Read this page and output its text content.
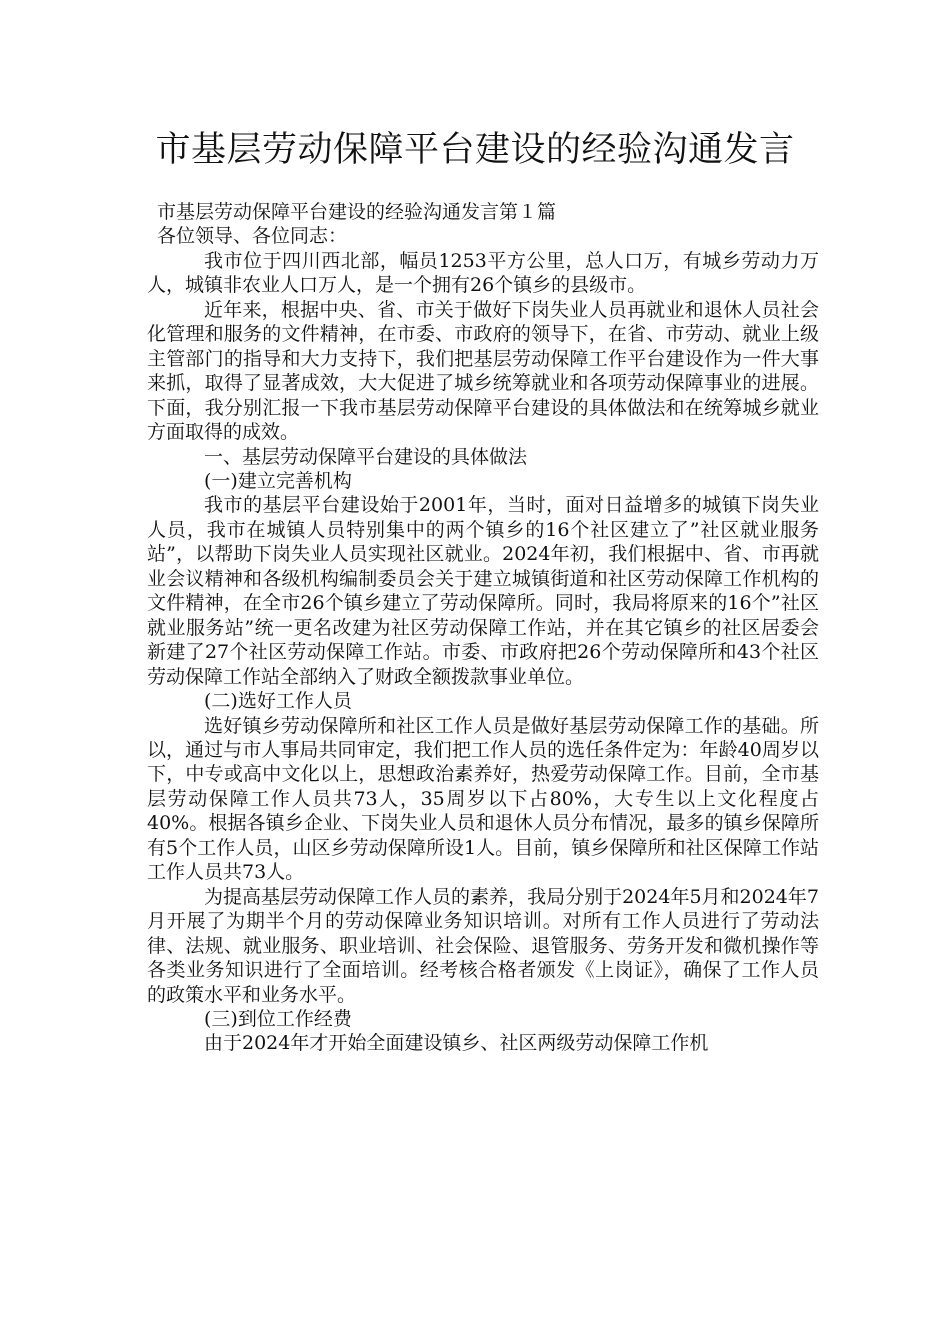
市基层劳动保障平台建设的经验沟通发言

市基层劳动保障平台建设的经验沟通发言第１篇

各位领导、各位同志：

我市位于四川西北部，幅员1253平方公里，总人口万，有城乡劳动力万人，城镇非农业人口万人，是一个拥有26个镇乡的县级市。

近年来，根据中央、省、市关于做好下岗失业人员再就业和退休人员社会化管理和服务的文件精神，在市委、市政府的领导下，在省、市劳动、就业上级主管部门的指导和大力支持下，我们把基层劳动保障工作平台建设作为一件大事来抓，取得了显著成效，大大促进了城乡统筹就业和各项劳动保障事业的进展。下面，我分别汇报一下我市基层劳动保障平台建设的具体做法和在统筹城乡就业方面取得的成效。

一、基层劳动保障平台建设的具体做法

(一)建立完善机构

我市的基层平台建设始于2001年，当时，面对日益增多的城镇下岗失业人员，我市在城镇人员特别集中的两个镇乡的16个社区建立了”社区就业服务站”，以帮助下岗失业人员实现社区就业。2024年初，我们根据中、省、市再就业会议精神和各级机构编制委员会关于建立城镇街道和社区劳动保障工作机构的文件精神，在全市26个镇乡建立了劳动保障所。同时，我局将原来的16个”社区就业服务站”统一更名改建为社区劳动保障工作站，并在其它镇乡的社区居委会新建了27个社区劳动保障工作站。市委、市政府把26个劳动保障所和43个社区劳动保障工作站全部纳入了财政全额拨款事业单位。

(二)选好工作人员

选好镇乡劳动保障所和社区工作人员是做好基层劳动保障工作的基础。所以，通过与市人事局共同审定，我们把工作人员的选任条件定为：年龄40周岁以下，中专或高中文化以上，思想政治素养好，热爱劳动保障工作。目前，全市基层劳动保障工作人员共73人，35周岁以下占80%，大专生以上文化程度占40%。根据各镇乡企业、下岗失业人员和退休人员分布情况，最多的镇乡保障所有5个工作人员，山区乡劳动保障所设1人。目前，镇乡保障所和社区保障工作站工作人员共73人。

为提高基层劳动保障工作人员的素养，我局分别于2024年5月和2024年7月开展了为期半个月的劳动保障业务知识培训。对所有工作人员进行了劳动法律、法规、就业服务、职业培训、社会保险、退管服务、劳务开发和微机操作等各类业务知识进行了全面培训。经考核合格者颁发《上岗证》，确保了工作人员的政策水平和业务水平。

(三)到位工作经费

由于2024年才开始全面建设镇乡、社区两级劳动保障工作机
